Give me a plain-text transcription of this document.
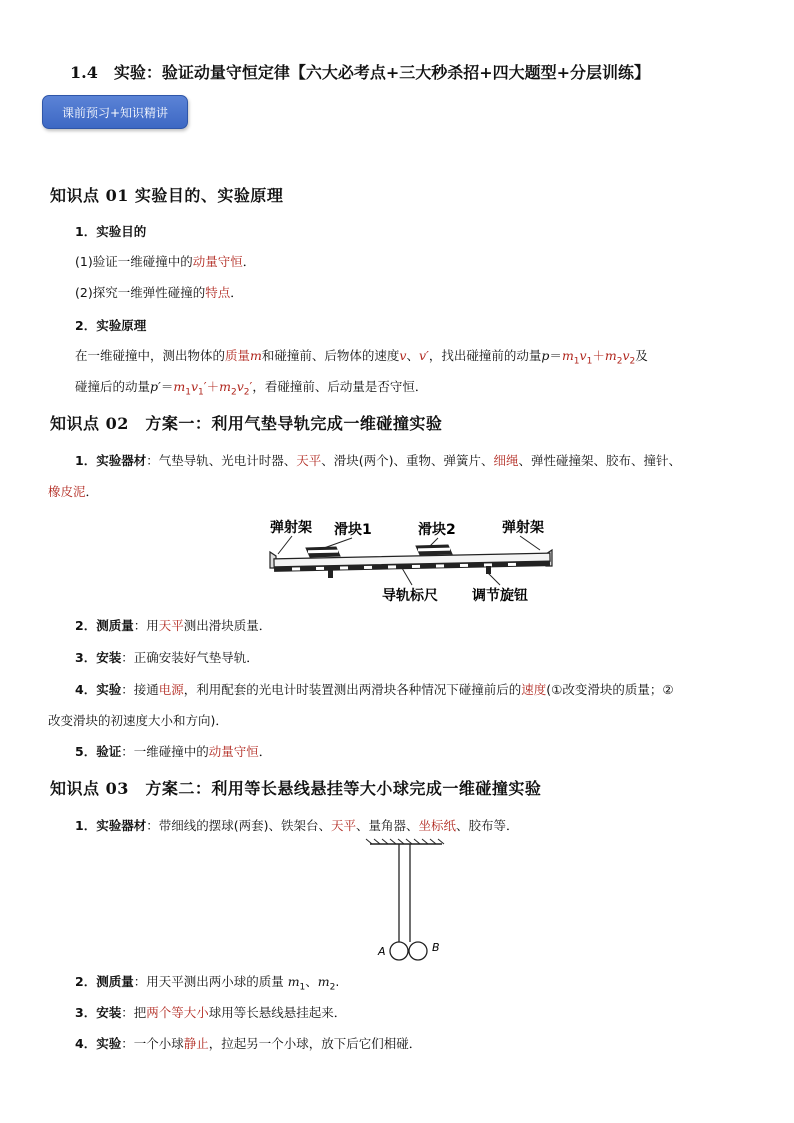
1.4　实验：验证动量守恒定律【六大必考点+三大秒杀招+四大题型+分层训练】
课前预习+知识精讲
知识点 01 实验目的、实验原理
1．实验目的
(1)验证一维碰撞中的动量守恒．
(2)探究一维弹性碰撞的特点．
2．实验原理
在一维碰撞中，测出物体的质量m和碰撞前、后物体的速度v、v′，找出碰撞前的动量$p=m_1v_1+m_2v_2$及
碰撞后的动量$p'=m_1v_1'+m_2v_2'$，看碰撞前、后动量是否守恒．
知识点 02　方案一：利用气垫导轨完成一维碰撞实验
1．实验器材：气垫导轨、光电计时器、天平、滑块(两个)、重物、弹簧片、细绳、弹性碰撞架、胶布、撞针、
橡皮泥．
弹射架 滑块1	滑块2	弹射架
导轨标尺 调节旋钮
2．测质量：用天平测出滑块质量．
3．安装：正确安装好气垫导轨．
4．实验：接通电源，利用配套的光电计时装置测出两滑块各种情况下碰撞前后的速度(①改变滑块的质量；②
改变滑块的初速度大小和方向)．
5．验证：一维碰撞中的动量守恒．
知识点 03　方案二：利用等长悬线悬挂等大小球完成一维碰撞实验
1．实验器材：带细线的摆球(两套)、铁架台、天平、量角器、坐标纸、胶布等．
A	B
2．测质量：用天平测出两小球的质量 $m_1$、$m_2$.
3．安装：把两个等大小球用等长悬线悬挂起来．
4．实验：一个小球静止，拉起另一个小球，放下后它们相碰．
